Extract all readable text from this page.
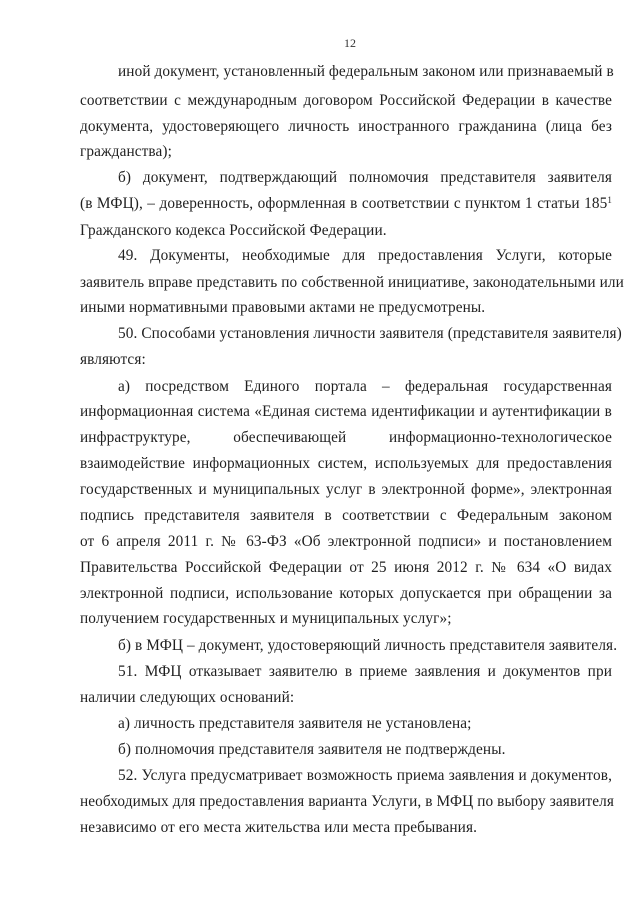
12
иной документ, установленный федеральным законом или признаваемый в
соответствии с международным договором Российской Федерации в качестве
документа, удостоверяющего личность иностранного гражданина (лица без
гражданства);
б) документ, подтверждающий полномочия представителя заявителя
(в МФЦ), – доверенность, оформленная в соответствии с пунктом 1 статьи $185^1$
Гражданского кодекса Российской Федерации.
49. Документы, необходимые для предоставления Услуги, которые
заявитель вправе представить по собственной инициативе, законодательными или
иными нормативными правовыми актами не предусмотрены.
50. Способами установления личности заявителя (представителя заявителя)
являются:
а) посредством Единого портала – федеральная государственная
информационная система «Единая система идентификации и аутентификации в
инфраструктуре, обеспечивающей информационно-технологическое
взаимодействие информационных систем, используемых для предоставления
государственных и муниципальных услуг в электронной форме», электронная
подпись представителя заявителя в соответствии с Федеральным законом
от 6 апреля 2011 г. № 63-ФЗ «Об электронной подписи» и постановлением
Правительства Российской Федерации от 25 июня 2012 г. № 634 «О видах
электронной подписи, использование которых допускается при обращении за
получением государственных и муниципальных услуг»;
б) в МФЦ – документ, удостоверяющий личность представителя заявителя.
51. МФЦ отказывает заявителю в приеме заявления и документов при
наличии следующих оснований:
а) личность представителя заявителя не установлена;
б) полномочия представителя заявителя не подтверждены.
52. Услуга предусматривает возможность приема заявления и документов,
необходимых для предоставления варианта Услуги, в МФЦ по выбору заявителя
независимо от его места жительства или места пребывания.
